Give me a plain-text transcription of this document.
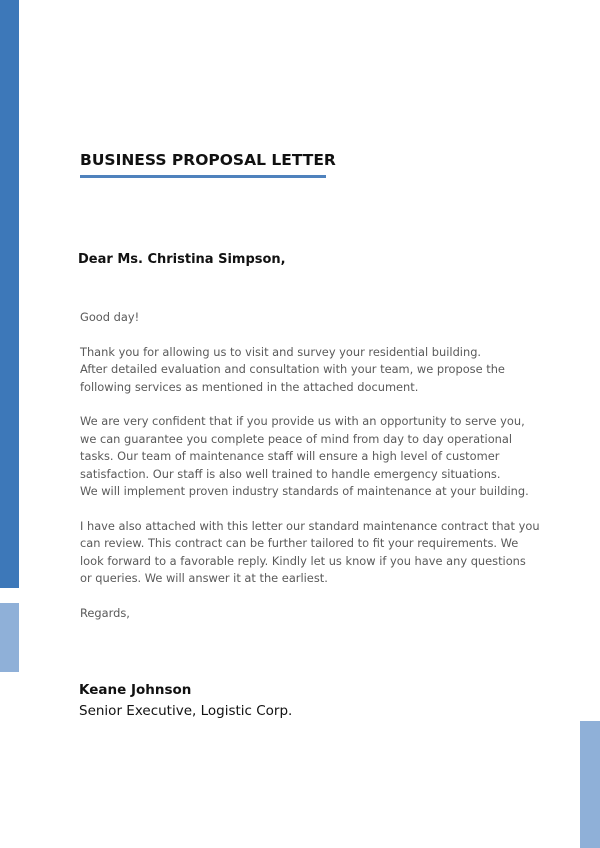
BUSINESS PROPOSAL LETTER
Dear Ms. Christina Simpson,

Good day!

Thank you for allowing us to visit and survey your residential building.

After detailed evaluation and consultation with your team, we propose the following services as mentioned in the attached document.

We are very confident that if you provide us with an opportunity to serve you, we can guarantee you complete peace of mind from day to day operational tasks. Our team of maintenance staff will ensure a high level of customer satisfaction. Our staff is also well trained to handle emergency situations.

We will implement proven industry standards of maintenance at your building.

I have also attached with this letter our standard maintenance contract that you can review. This contract can be further tailored to fit your requirements. We look forward to a favorable reply. Kindly let us know if you have any questions or queries. We will answer it at the earliest.

Regards,

Keane Johnson
Senior Executive, Logistic Corp.
